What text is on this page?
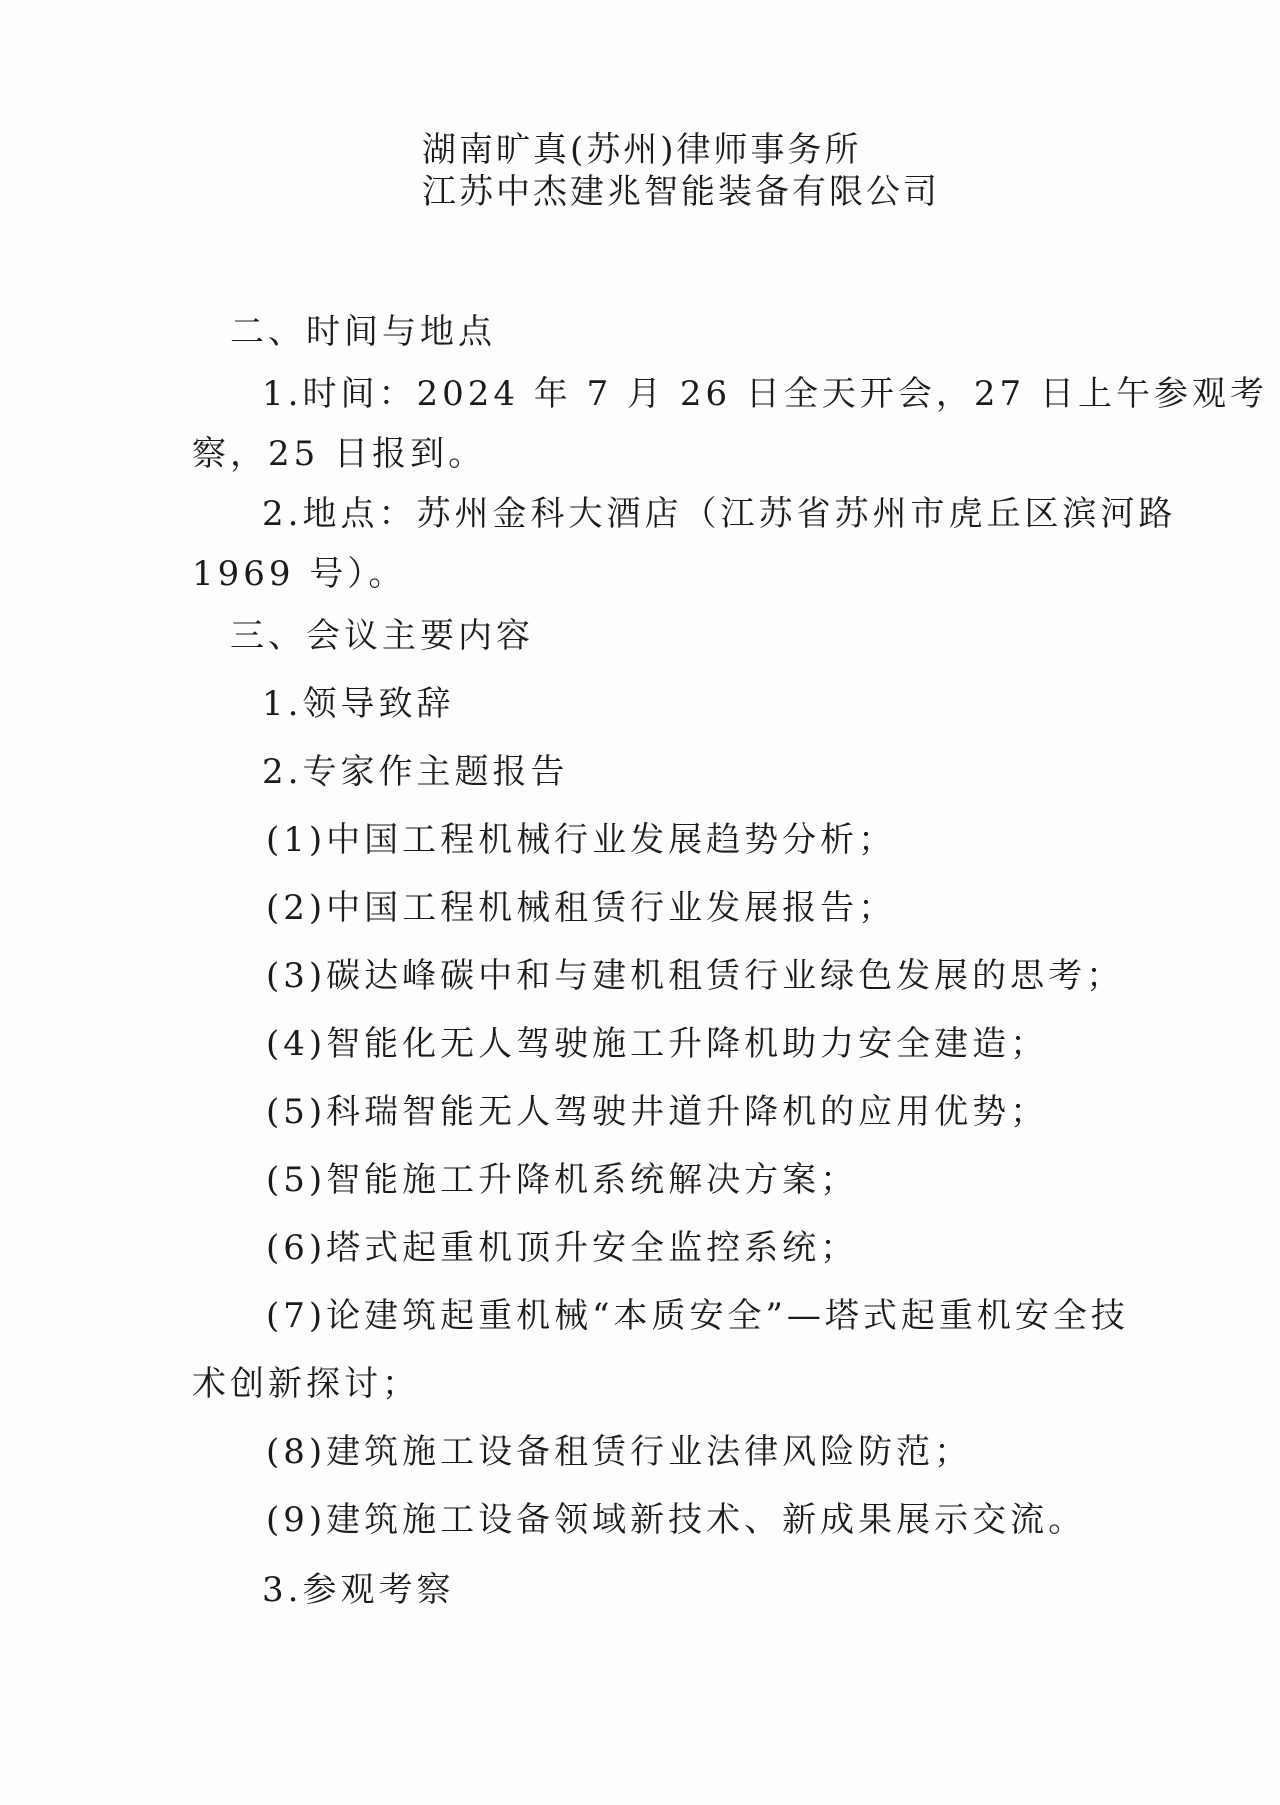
湖南旷真(苏州)律师事务所
江苏中杰建兆智能装备有限公司
二、时间与地点
1.时间：2024 年 7 月 26 日全天开会，27 日上午参观考
察，25 日报到。
2.地点：苏州金科大酒店（江苏省苏州市虎丘区滨河路
1969 号）。
三、会议主要内容
1.领导致辞
2.专家作主题报告
(1)中国工程机械行业发展趋势分析；
(2)中国工程机械租赁行业发展报告；
(3)碳达峰碳中和与建机租赁行业绿色发展的思考；
(4)智能化无人驾驶施工升降机助力安全建造；
(5)科瑞智能无人驾驶井道升降机的应用优势；
(5)智能施工升降机系统解决方案；
(6)塔式起重机顶升安全监控系统；
(7)论建筑起重机械“本质安全”—塔式起重机安全技
术创新探讨；
(8)建筑施工设备租赁行业法律风险防范；
(9)建筑施工设备领域新技术、新成果展示交流。
3.参观考察
